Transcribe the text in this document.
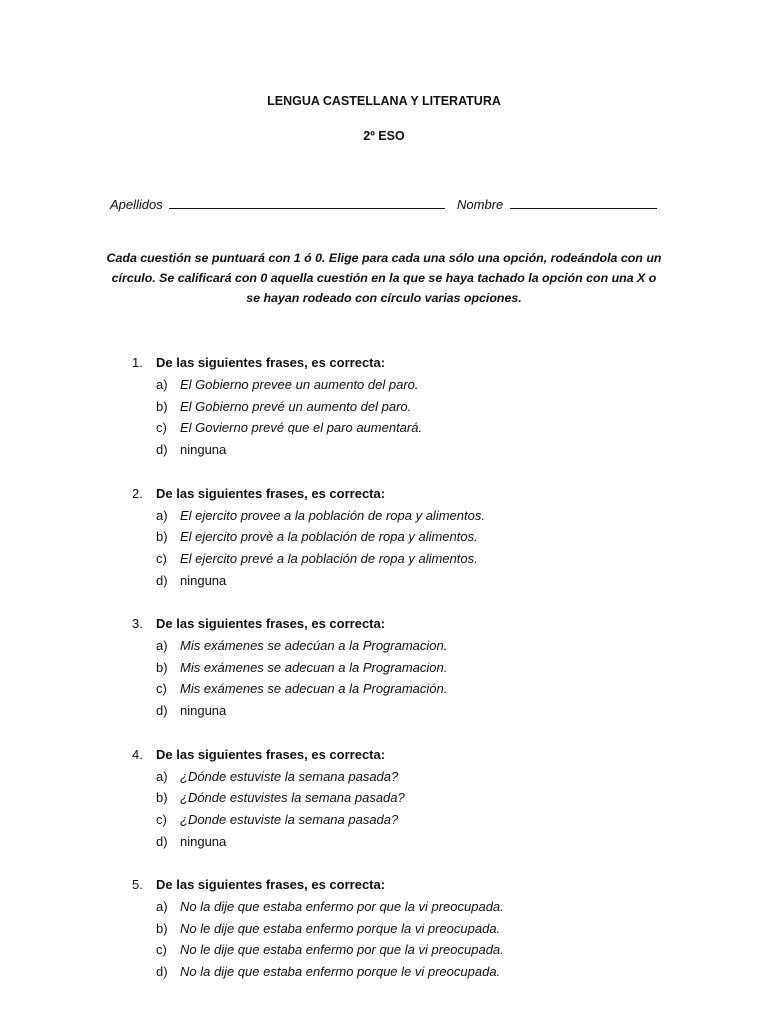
LENGUA CASTELLANA Y LITERATURA
2º ESO
Apellidos	Nombre
Cada cuestión se puntuará con 1 ó 0. Elige para cada una sólo una opción, rodeándola con un
círculo. Se calificará con 0 aquella cuestión en la que se haya tachado la opción con una X o
se hayan rodeado con círculo varias opciones.
1. De las siguientes frases, es correcta:
a) El Gobierno prevee un aumento del paro.
b) El Gobierno prevé un aumento del paro.
c) El Govierno prevé que el paro aumentará.
d) ninguna
2. De las siguientes frases, es correcta:
a) El ejercito provee a la población de ropa y alimentos.
b) El ejercito provè a la población de ropa y alimentos.
c) El ejercito prevé a la población de ropa y alimentos.
d) ninguna
3. De las siguientes frases, es correcta:
a) Mis exámenes se adecúan a la Programacion.
b) Mis exámenes se adecuan a la Programacion.
c) Mis exámenes se adecuan a la Programación.
d) ninguna
4. De las siguientes frases, es correcta:
a) ¿Dónde estuviste la semana pasada?
b) ¿Dónde estuvistes la semana pasada?
c) ¿Donde estuviste la semana pasada?
d) ninguna
5. De las siguientes frases, es correcta:
a) No la dije que estaba enfermo por que la vi preocupada.
b) No le dije que estaba enfermo porque la vi preocupada.
c) No le dije que estaba enfermo por que la vi preocupada.
d) No la dije que estaba enfermo porque le vi preocupada.
